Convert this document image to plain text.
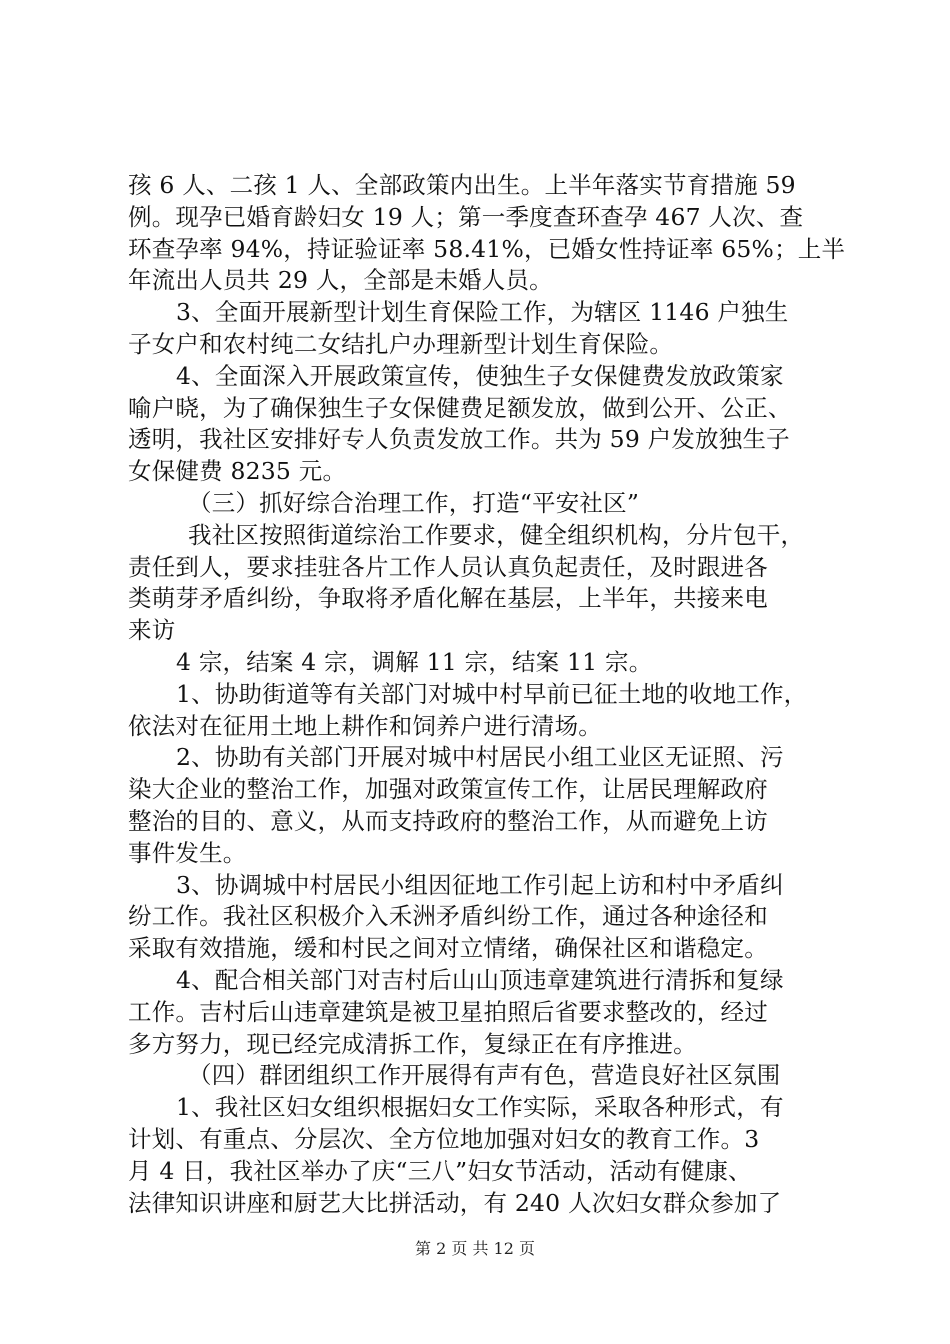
孩 6 人、二孩 1 人、全部政策内出生。上半年落实节育措施 59
例。现孕已婚育龄妇女 19 人；第一季度查环查孕 467 人次、查
环查孕率 94%，持证验证率 58.41%，已婚女性持证率 65%；上半
年流出人员共 29 人，全部是未婚人员。
3、全面开展新型计划生育保险工作，为辖区 1146 户独生
子女户和农村纯二女结扎户办理新型计划生育保险。
4、全面深入开展政策宣传，使独生子女保健费发放政策家
喻户晓，为了确保独生子女保健费足额发放，做到公开、公正、
透明，我社区安排好专人负责发放工作。共为 59 户发放独生子
女保健费 8235 元。
（三）抓好综合治理工作，打造“平安社区”
我社区按照街道综治工作要求，健全组织机构，分片包干，
责任到人，要求挂驻各片工作人员认真负起责任，及时跟进各
类萌芽矛盾纠纷，争取将矛盾化解在基层，上半年，共接来电
来访
4 宗，结案 4 宗，调解 11 宗，结案 11 宗。
1、协助街道等有关部门对城中村早前已征土地的收地工作，
依法对在征用土地上耕作和饲养户进行清场。
2、协助有关部门开展对城中村居民小组工业区无证照、污
染大企业的整治工作，加强对政策宣传工作，让居民理解政府
整治的目的、意义，从而支持政府的整治工作，从而避免上访
事件发生。
3、协调城中村居民小组因征地工作引起上访和村中矛盾纠
纷工作。我社区积极介入禾洲矛盾纠纷工作，通过各种途径和
采取有效措施，缓和村民之间对立情绪，确保社区和谐稳定。
4、配合相关部门对吉村后山山顶违章建筑进行清拆和复绿
工作。吉村后山违章建筑是被卫星拍照后省要求整改的，经过
多方努力，现已经完成清拆工作，复绿正在有序推进。
（四）群团组织工作开展得有声有色，营造良好社区氛围
1、我社区妇女组织根据妇女工作实际，采取各种形式，有
计划、有重点、分层次、全方位地加强对妇女的教育工作。3
月 4 日，我社区举办了庆“三八”妇女节活动，活动有健康、
法律知识讲座和厨艺大比拼活动，有 240 人次妇女群众参加了
第 2 页 共 12 页
